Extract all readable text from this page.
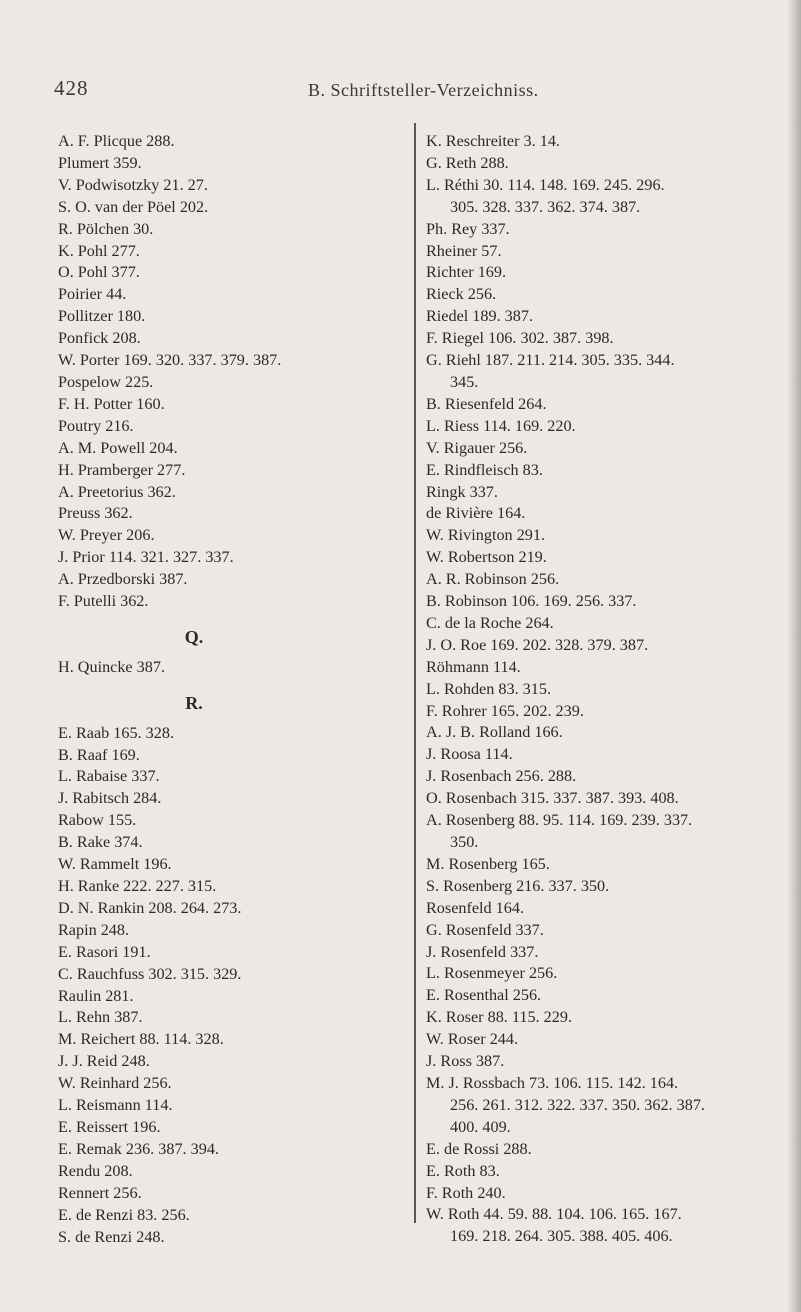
428	B. Schriftsteller-Verzeichniss.
A. F. Plicque 288.
Plumert 359.
V. Podwisotzky 21. 27.
S. O. van der Pöel 202.
R. Pölchen 30.
K. Pohl 277.
O. Pohl 377.
Poirier 44.
Pollitzer 180.
Ponfick 208.
W. Porter 169. 320. 337. 379. 387.
Pospelow 225.
F. H. Potter 160.
Poutry 216.
A. M. Powell 204.
H. Pramberger 277.
A. Preetorius 362.
Preuss 362.
W. Preyer 206.
J. Prior 114. 321. 327. 337.
A. Przedborski 387.
F. Putelli 362.
Q.
H. Quincke 387.
R.
E. Raab 165. 328.
B. Raaf 169.
L. Rabaise 337.
J. Rabitsch 284.
Rabow 155.
B. Rake 374.
W. Rammelt 196.
H. Ranke 222. 227. 315.
D. N. Rankin 208. 264. 273.
Rapin 248.
E. Rasori 191.
C. Rauchfuss 302. 315. 329.
Raulin 281.
L. Rehn 387.
M. Reichert 88. 114. 328.
J. J. Reid 248.
W. Reinhard 256.
L. Reismann 114.
E. Reissert 196.
E. Remak 236. 387. 394.
Rendu 208.
Rennert 256.
E. de Renzi 83. 256.
S. de Renzi 248.
K. Reschreiter 3. 14.
G. Reth 288.
L. Réthi 30. 114. 148. 169. 245. 296.
305. 328. 337. 362. 374. 387.
Ph. Rey 337.
Rheiner 57.
Richter 169.
Rieck 256.
Riedel 189. 387.
F. Riegel 106. 302. 387. 398.
G. Riehl 187. 211. 214. 305. 335. 344.
345.
B. Riesenfeld 264.
L. Riess 114. 169. 220.
V. Rigauer 256.
E. Rindfleisch 83.
Ringk 337.
de Rivière 164.
W. Rivington 291.
W. Robertson 219.
A. R. Robinson 256.
B. Robinson 106. 169. 256. 337.
C. de la Roche 264.
J. O. Roe 169. 202. 328. 379. 387.
Röhmann 114.
L. Rohden 83. 315.
F. Rohrer 165. 202. 239.
A. J. B. Rolland 166.
J. Roosa 114.
J. Rosenbach 256. 288.
O. Rosenbach 315. 337. 387. 393. 408.
A. Rosenberg 88. 95. 114. 169. 239. 337.
350.
M. Rosenberg 165.
S. Rosenberg 216. 337. 350.
Rosenfeld 164.
G. Rosenfeld 337.
J. Rosenfeld 337.
L. Rosenmeyer 256.
E. Rosenthal 256.
K. Roser 88. 115. 229.
W. Roser 244.
J. Ross 387.
M. J. Rossbach 73. 106. 115. 142. 164.
256. 261. 312. 322. 337. 350. 362. 387.
400. 409.
E. de Rossi 288.
E. Roth 83.
F. Roth 240.
W. Roth 44. 59. 88. 104. 106. 165. 167.
169. 218. 264. 305. 388. 405. 406.
